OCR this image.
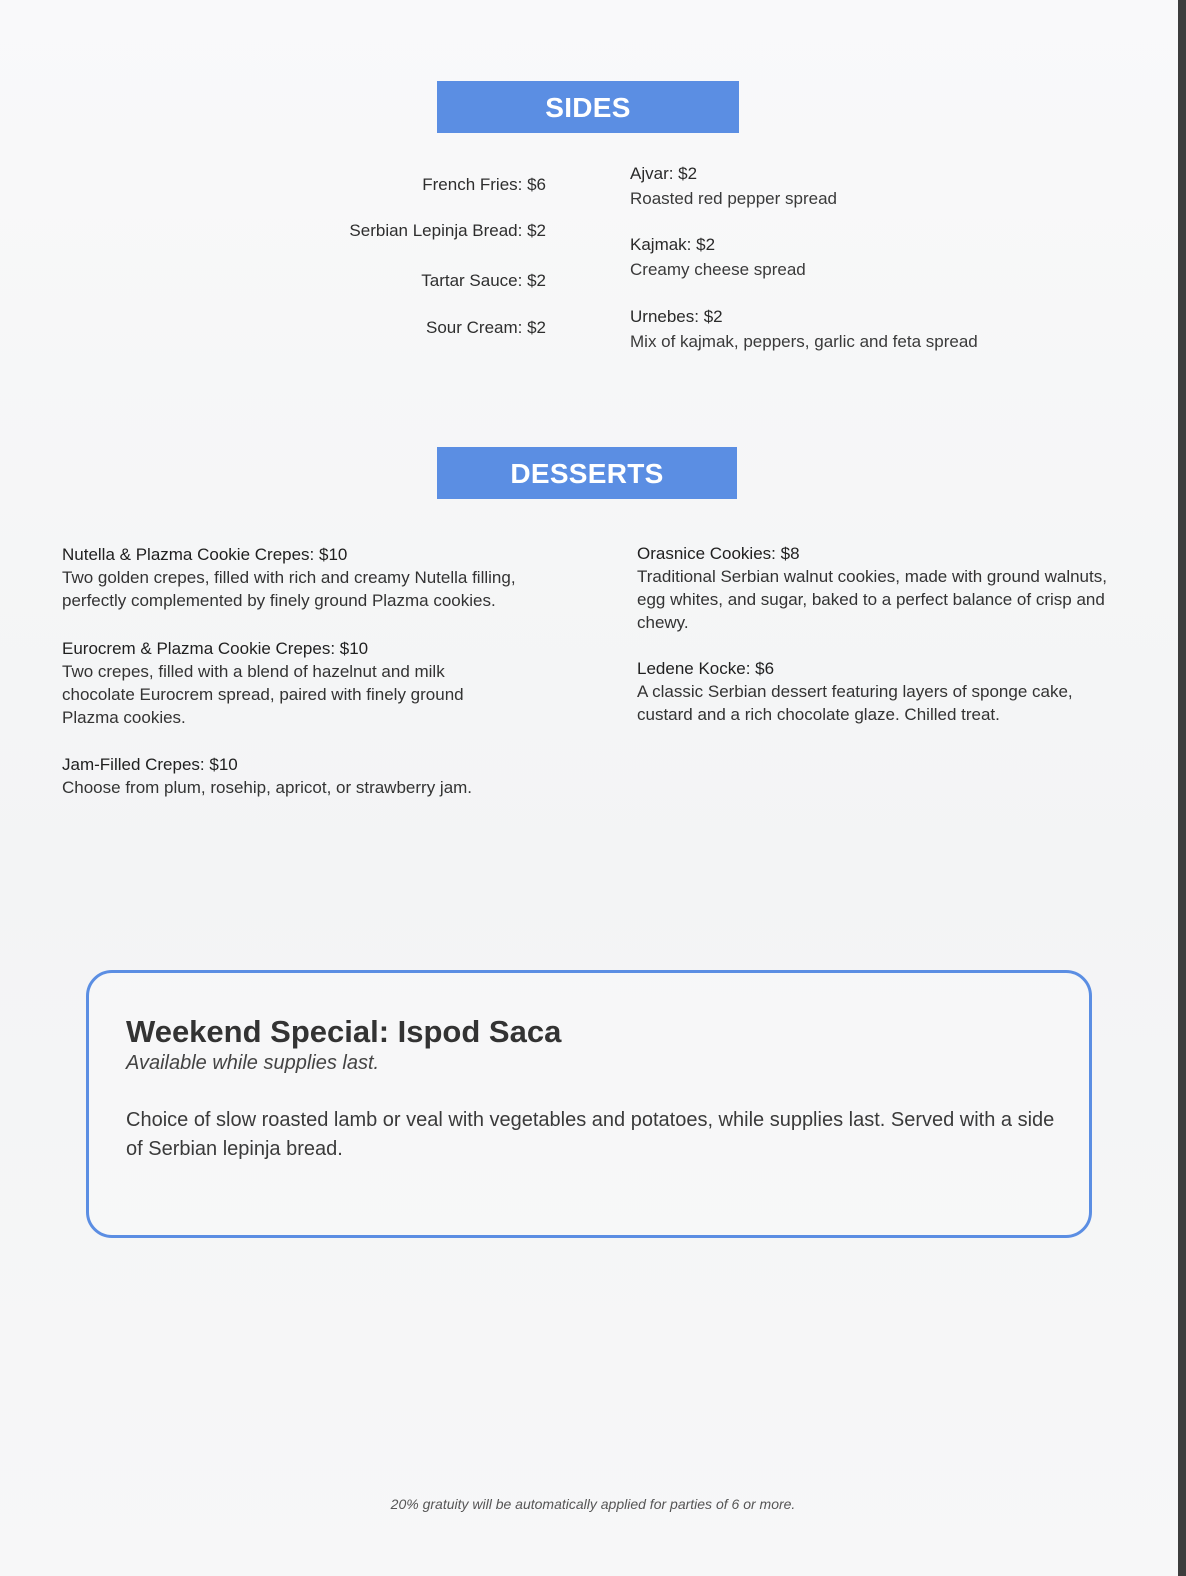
SIDES
French Fries: $6
Serbian Lepinja Bread: $2
Tartar Sauce: $2
Sour Cream: $2
Ajvar: $2
Roasted red pepper spread
Kajmak: $2
Creamy cheese spread
Urnebes: $2
Mix of kajmak, peppers, garlic and feta spread
DESSERTS
Nutella & Plazma Cookie Crepes: $10
Two golden crepes, filled with rich and creamy Nutella filling, perfectly complemented by finely ground Plazma cookies.
Eurocrem & Plazma Cookie Crepes: $10
Two crepes, filled with a blend of hazelnut and milk chocolate Eurocrem spread, paired with finely ground Plazma cookies.
Jam-Filled Crepes: $10
Choose from plum, rosehip, apricot, or strawberry jam.
Orasnice Cookies: $8
Traditional Serbian walnut cookies, made with ground walnuts, egg whites, and sugar, baked to a perfect balance of crisp and chewy.
Ledene Kocke: $6
A classic Serbian dessert featuring layers of sponge cake, custard and a rich chocolate glaze. Chilled treat.
Weekend Special: Ispod Saca
Available while supplies last.
Choice of slow roasted lamb or veal with vegetables and potatoes, while supplies last. Served with a side of Serbian lepinja bread.
20% gratuity will be automatically applied for parties of 6 or more.
